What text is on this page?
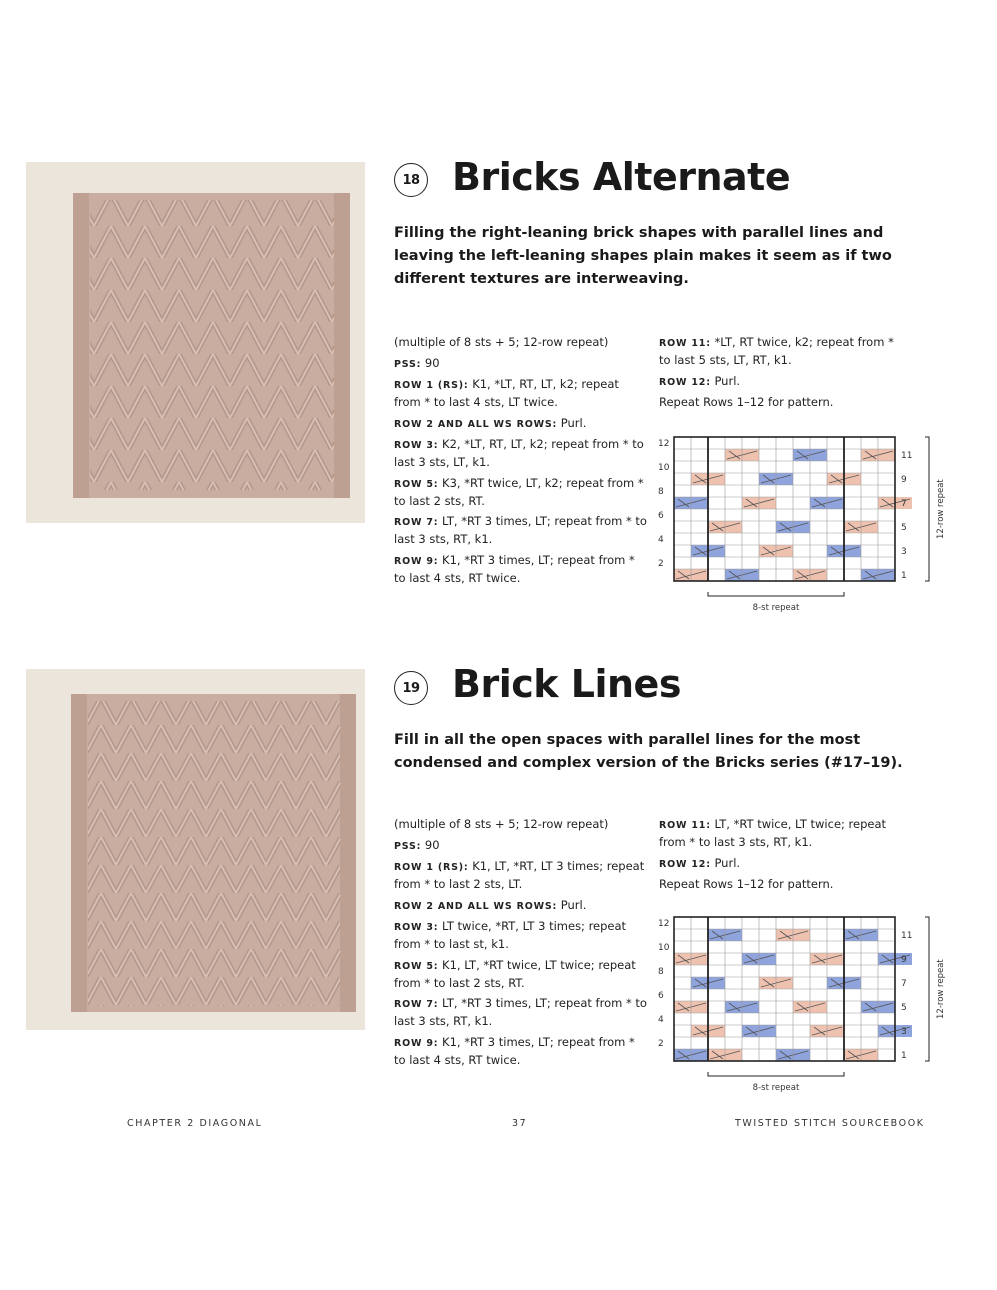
18 Bricks Alternate

Filling the right-leaning brick shapes with parallel lines and leaving the left-leaning shapes plain makes it seem as if two different textures are interweaving.

(multiple of 8 sts + 5; 12-row repeat)

PSS: 90

ROW 1 (RS): K1, *LT, RT, LT, k2; repeat from * to last 4 sts, LT twice.

ROW 2 AND ALL WS ROWS: Purl.

ROW 3: K2, *LT, RT, LT, k2; repeat from * to last 3 sts, LT, k1.

ROW 5: K3, *RT twice, LT, k2; repeat from * to last 2 sts, RT.

ROW 7: LT, *RT 3 times, LT; repeat from * to last 3 sts, RT, k1.

ROW 9: K1, *RT 3 times, LT; repeat from * to last 4 sts, RT twice.

ROW 11: *LT, RT twice, k2; repeat from * to last 5 sts, LT, RT, k1.

ROW 12: Purl.

Repeat Rows 1–12 for pattern.

12
10
8
6
4
2
11
9
7
5
3
1
12-row repeat
8-st repeat
19 Brick Lines

Fill in all the open spaces with parallel lines for the most condensed and complex version of the Bricks series (#17–19).

(multiple of 8 sts + 5; 12-row repeat)

PSS: 90

ROW 1 (RS): K1, LT, *RT, LT 3 times; repeat from * to last 2 sts, LT.

ROW 2 AND ALL WS ROWS: Purl.

ROW 3: LT twice, *RT, LT 3 times; repeat from * to last st, k1.

ROW 5: K1, LT, *RT twice, LT twice; repeat from * to last 2 sts, RT.

ROW 7: LT, *RT 3 times, LT; repeat from * to last 3 sts, RT, k1.

ROW 9: K1, *RT 3 times, LT; repeat from * to last 4 sts, RT twice.

ROW 11: LT, *RT twice, LT twice; repeat from * to last 3 sts, RT, k1.

ROW 12: Purl.

Repeat Rows 1–12 for pattern.

12
10
8
6
4
2
11
9
7
5
3
1
12-row repeat
8-st repeat
CHAPTER 2 DIAGONAL	37	TWISTED STITCH SOURCEBOOK
